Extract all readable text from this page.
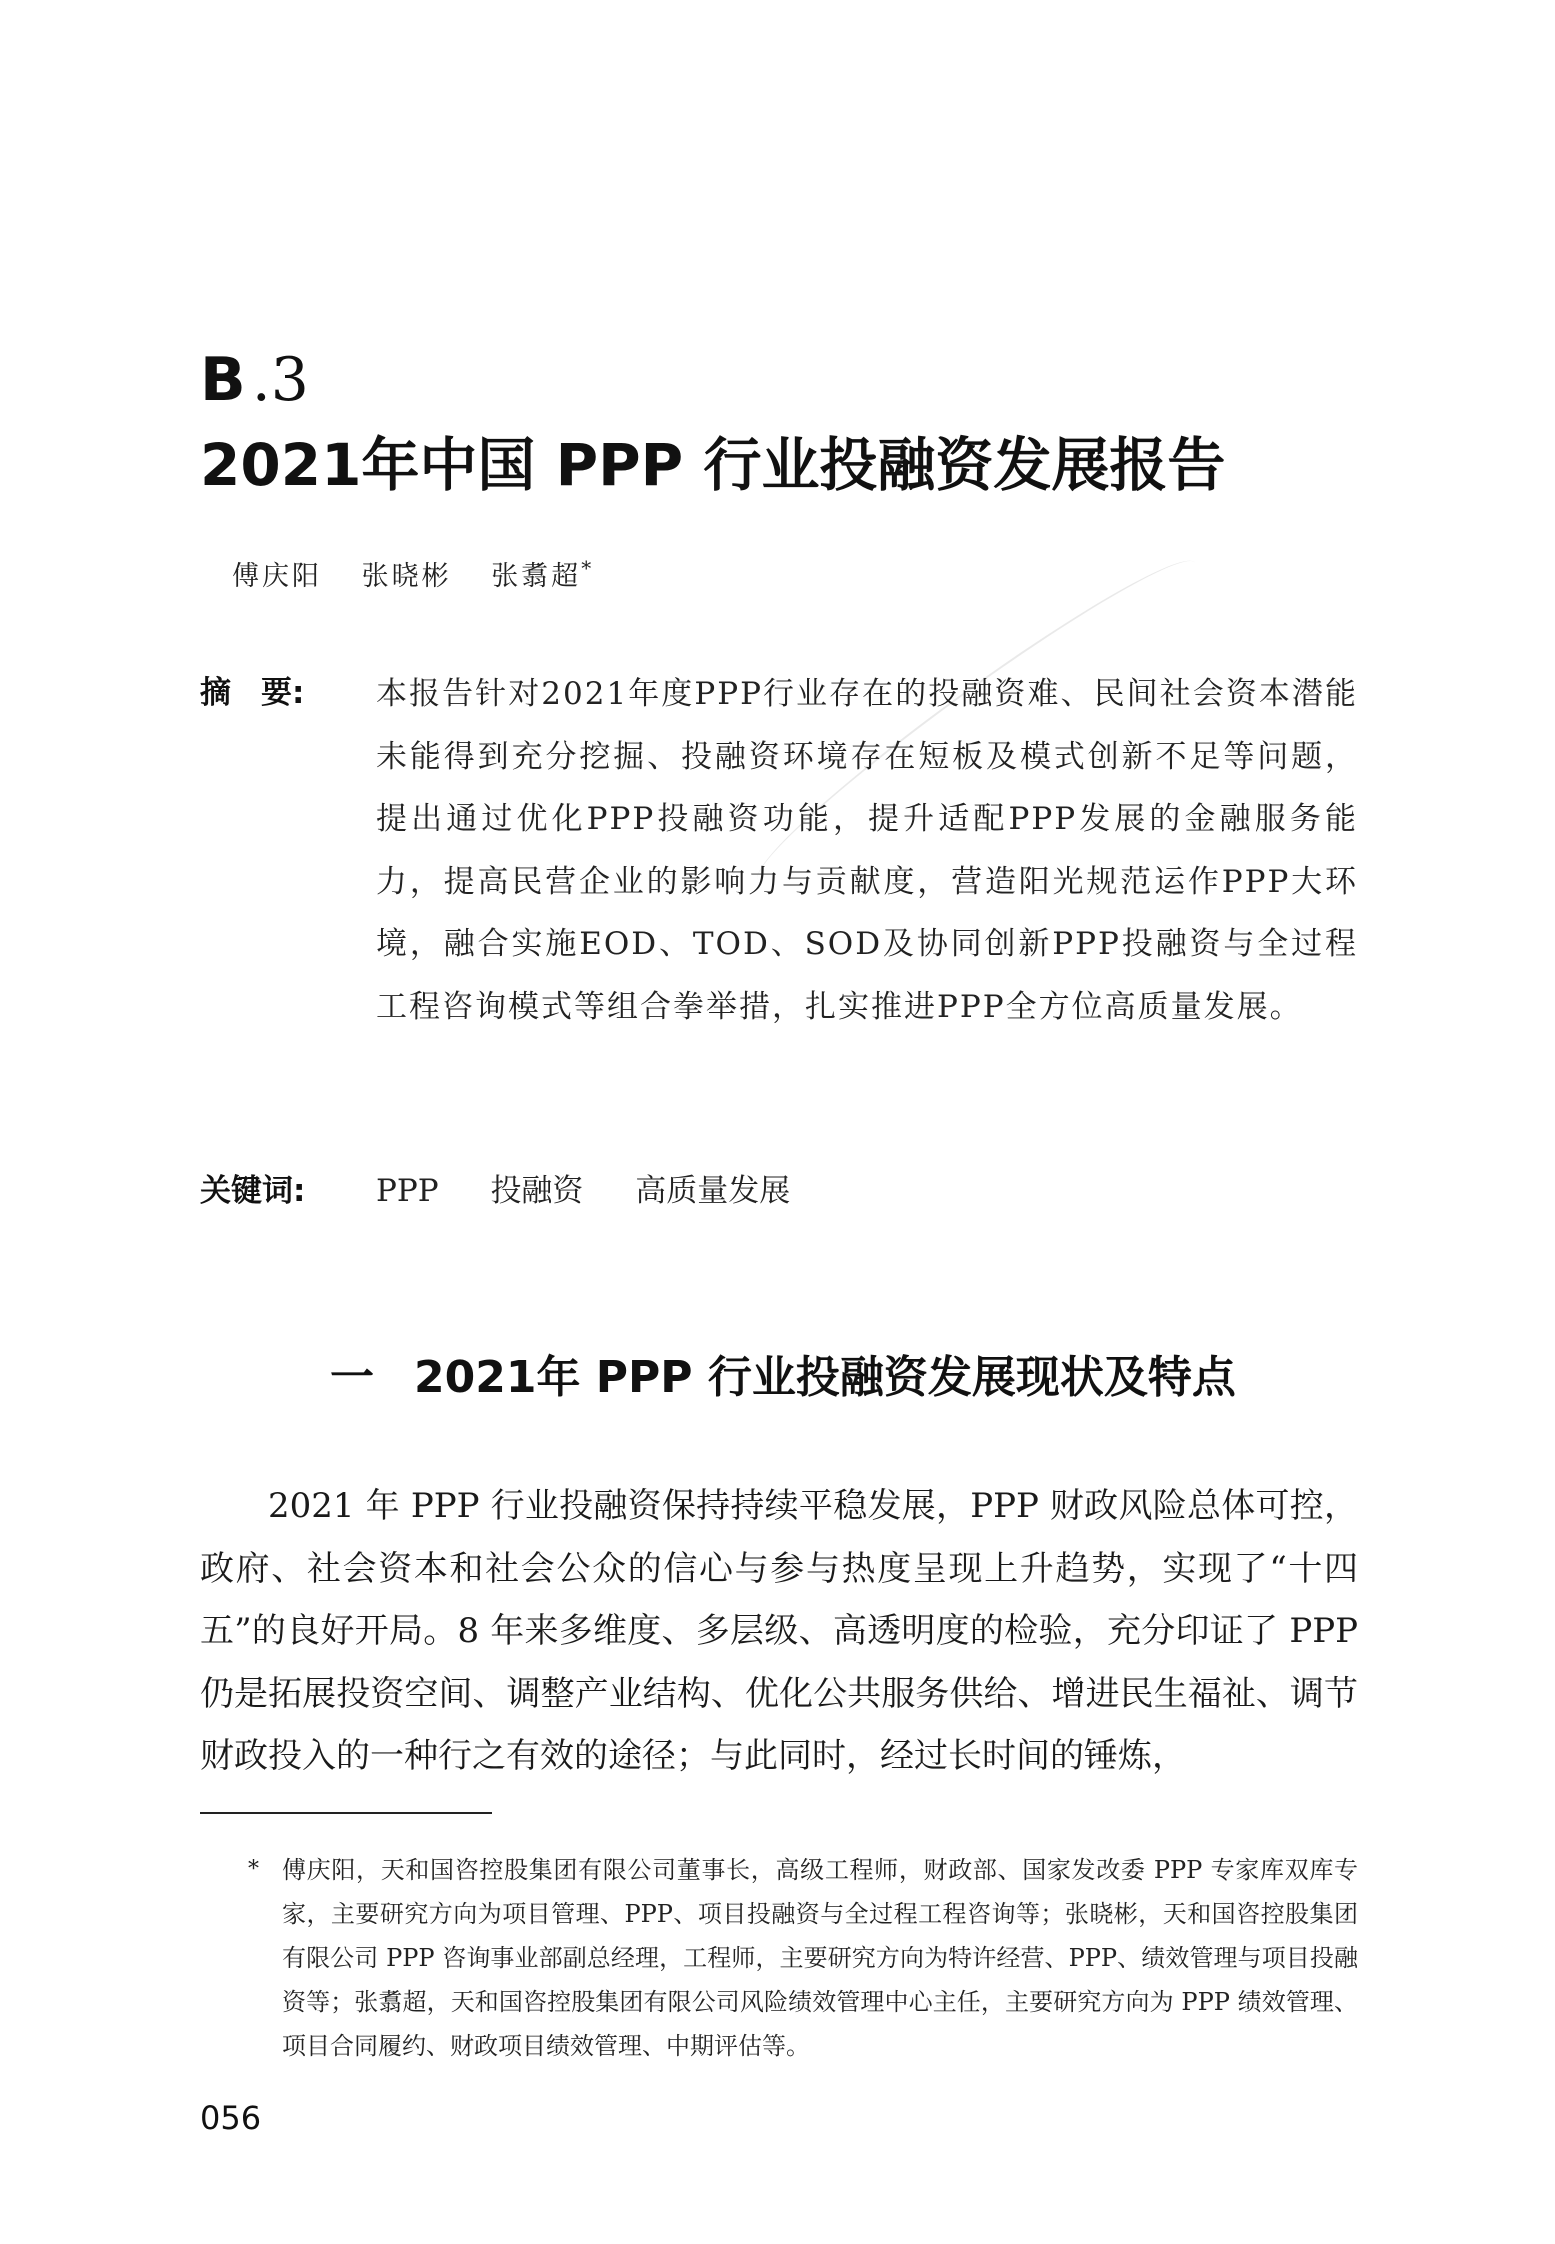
B.3
2021年中国 PPP 行业投融资发展报告
傅庆阳 张晓彬 张翥超*
摘 要: 本报告针对2021年度PPP行业存在的投融资难、民间社会资本潜能未能得到充分挖掘、投融资环境存在短板及模式创新不足等问题，提出通过优化PPP投融资功能，提升适配PPP发展的金融服务能力，提高民营企业的影响力与贡献度，营造阳光规范运作PPP大环境，融合实施EOD、TOD、SOD及协同创新PPP投融资与全过程工程咨询模式等组合拳举措，扎实推进PPP全方位高质量发展。

关键词: PPP 投融资 高质量发展
一 2021年 PPP 行业投融资发展现状及特点

2021 年 PPP 行业投融资保持持续平稳发展，PPP 财政风险总体可控，政府、社会资本和社会公众的信心与参与热度呈现上升趋势，实现了“十四五”的良好开局。8 年来多维度、多层级、高透明度的检验，充分印证了 PPP 仍是拓展投资空间、调整产业结构、优化公共服务供给、增进民生福祉、调节财政投入的一种行之有效的途径；与此同时，经过长时间的锤炼，

* 傅庆阳，天和国咨控股集团有限公司董事长，高级工程师，财政部、国家发改委 PPP 专家库双库专家，主要研究方向为项目管理、PPP、项目投融资与全过程工程咨询等；张晓彬，天和国咨控股集团有限公司 PPP 咨询事业部副总经理，工程师，主要研究方向为特许经营、PPP、绩效管理与项目投融资等；张翥超，天和国咨控股集团有限公司风险绩效管理中心主任，主要研究方向为 PPP 绩效管理、项目合同履约、财政项目绩效管理、中期评估等。

056
